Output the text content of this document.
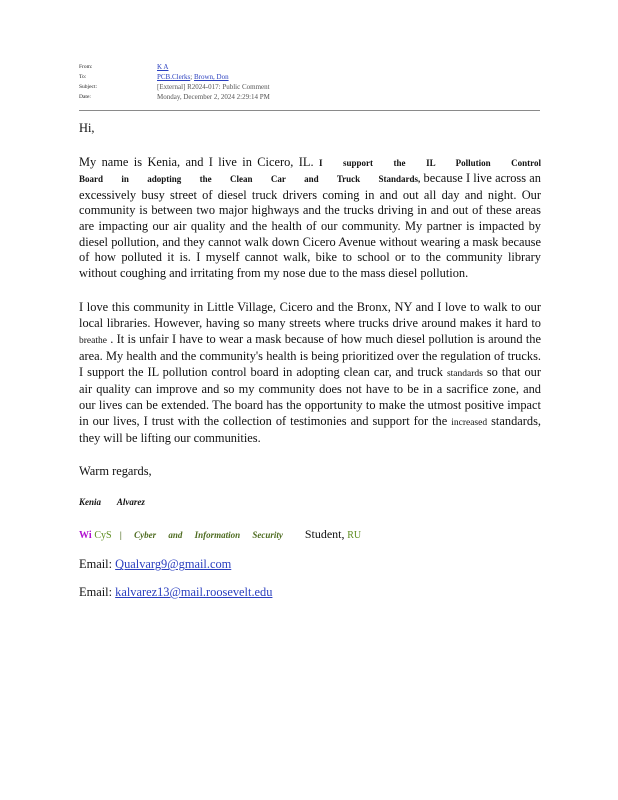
From:	K A
To:	PCB.Clerks; Brown, Don
Subject:	[External] R2024-017: Public Comment
Date:	Monday, December 2, 2024 2:29:14 PM

Hi,

My name is Kenia, and I live in Cicero, IL. I support the IL Pollution Control Board in adopting the Clean Car and Truck Standards, because I live across an excessively busy street of diesel truck drivers coming in and out all day and night. Our community is between two major highways and the trucks driving in and out of these areas are impacting our air quality and the health of our community. My partner is impacted by diesel pollution, and they cannot walk down Cicero Avenue without wearing a mask because of how polluted it is. I myself cannot walk, bike to school or to the community library without coughing and irritating from my nose due to the mass diesel pollution.

I love this community in Little Village, Cicero and the Bronx, NY and I love to walk to our local libraries. However, having so many streets where trucks drive around makes it hard to breathe . It is unfair I have to wear a mask because of how much diesel pollution is around the area. My health and the community's health is being prioritized over the regulation of trucks. I support the IL pollution control board in adopting clean car, and truck standards so that our air quality can improve and so my community does not have to be in a sacrifice zone, and our lives can be extended. The board has the opportunity to make the utmost positive impact in our lives, I trust with the collection of testimonies and support for the increased standards, they will be lifting our communities.

Warm regards,

Kenia Alvarez

Wi CyS | Cyber and Information Security Student, RU

Email: Qualvarg9@gmail.com

Email: kalvarez13@mail.roosevelt.edu
